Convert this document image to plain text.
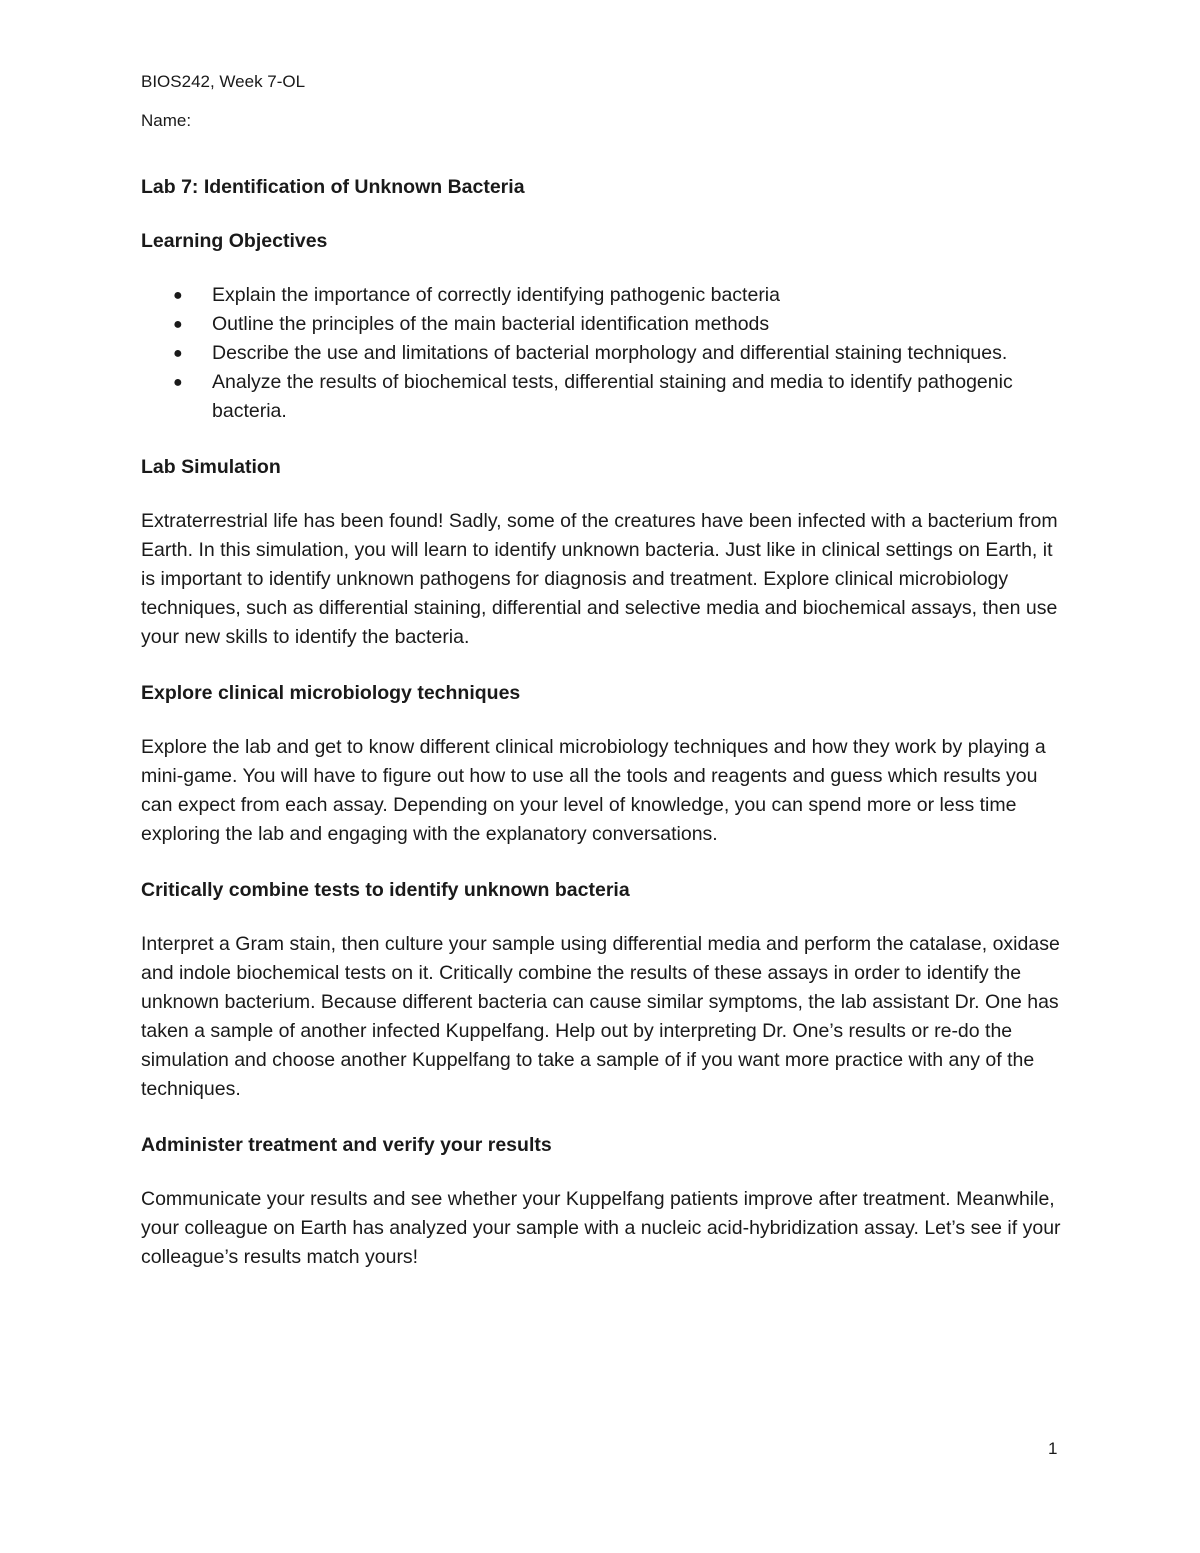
BIOS242, Week 7-OL

Name:

Lab 7: Identification of Unknown Bacteria
Learning Objectives
● Explain the importance of correctly identifying pathogenic bacteria
● Outline the principles of the main bacterial identification methods
● Describe the use and limitations of bacterial morphology and differential staining techniques.
● Analyze the results of biochemical tests, differential staining and media to identify pathogenic bacteria.
Lab Simulation

Extraterrestrial life has been found! Sadly, some of the creatures have been infected with a bacterium from Earth. In this simulation, you will learn to identify unknown bacteria. Just like in clinical settings on Earth, it is important to identify unknown pathogens for diagnosis and treatment. Explore clinical microbiology techniques, such as differential staining, differential and selective media and biochemical assays, then use your new skills to identify the bacteria.

Explore clinical microbiology techniques

Explore the lab and get to know different clinical microbiology techniques and how they work by playing a mini-game. You will have to figure out how to use all the tools and reagents and guess which results you can expect from each assay. Depending on your level of knowledge, you can spend more or less time exploring the lab and engaging with the explanatory conversations.

Critically combine tests to identify unknown bacteria

Interpret a Gram stain, then culture your sample using differential media and perform the catalase, oxidase and indole biochemical tests on it. Critically combine the results of these assays in order to identify the unknown bacterium. Because different bacteria can cause similar symptoms, the lab assistant Dr. One has taken a sample of another infected Kuppelfang. Help out by interpreting Dr. One’s results or re-do the simulation and choose another Kuppelfang to take a sample of if you want more practice with any of the techniques.

Administer treatment and verify your results

Communicate your results and see whether your Kuppelfang patients improve after treatment. Meanwhile, your colleague on Earth has analyzed your sample with a nucleic acid-hybridization assay. Let’s see if your colleague’s results match yours!

1
